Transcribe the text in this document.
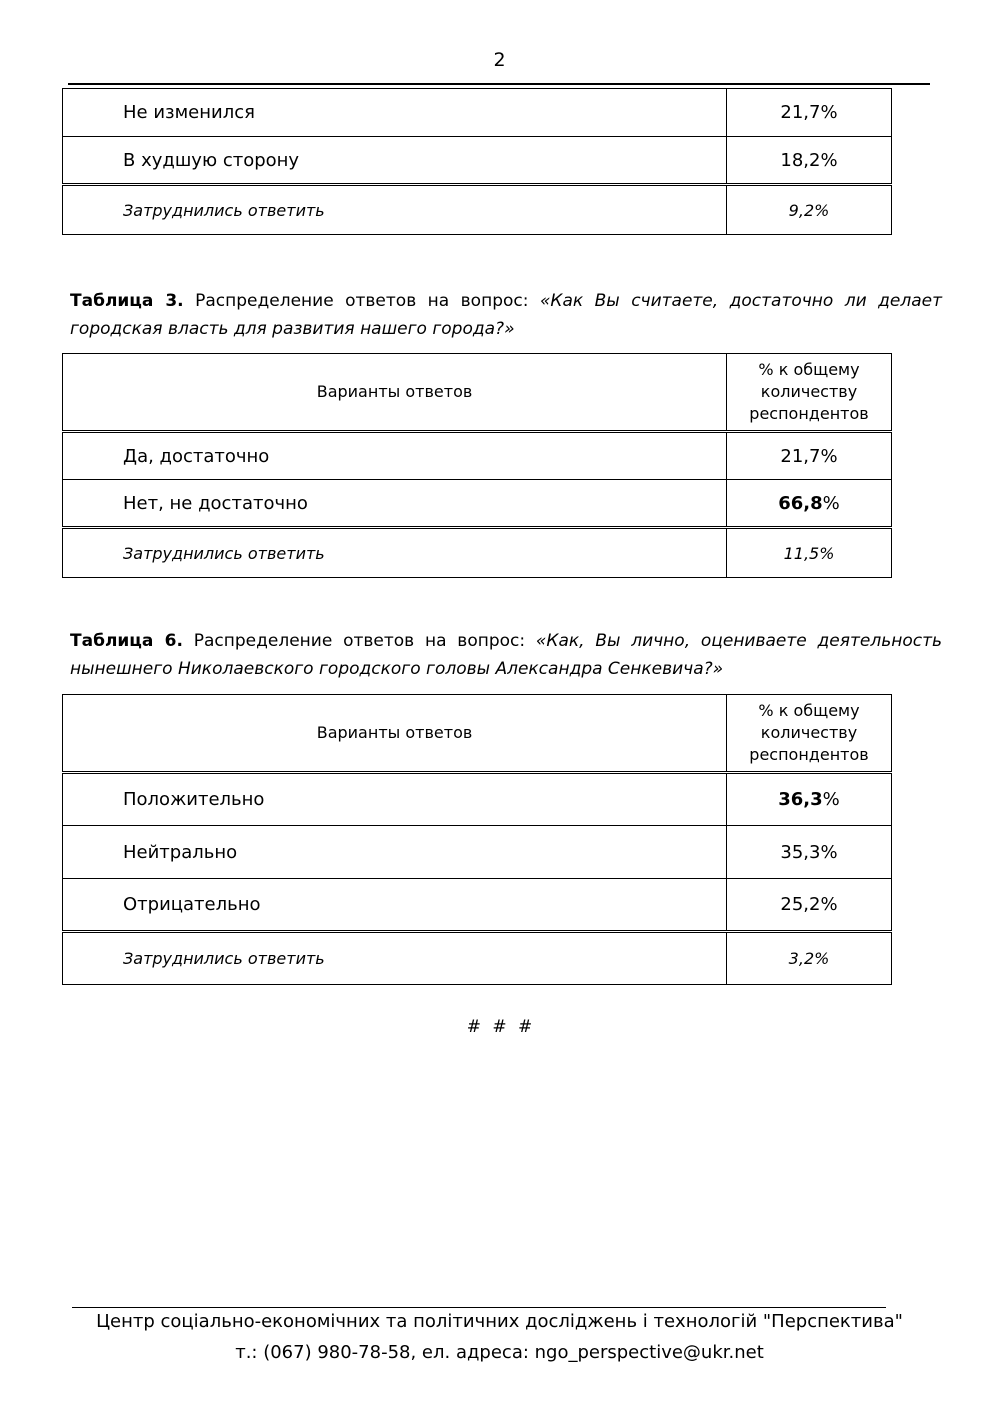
2
Не изменился	21,7%
В худшую сторону	18,2%
Затруднились ответить	9,2%
Таблица 3. Распределение ответов на вопрос: «Как Вы считаете, достаточно ли делает городская власть для развития нашего города?»
Варианты ответов	% к общему количеству респондентов
Да, достаточно	21,7%
Нет, не достаточно	66,8%
Затруднились ответить	11,5%
Таблица 6. Распределение ответов на вопрос: «Как, Вы лично, оцениваете деятельность нынешнего Николаевского городского головы Александра Сенкевича?»
Варианты ответов	% к общему количеству респондентов
Положительно	36,3%
Нейтрально	35,3%
Отрицательно	25,2%
Затруднились ответить	3,2%
# # #
Центр соціально-економічних та політичних досліджень і технологій "Перспектива"
т.: (067) 980-78-58, ел. адреса: ngo_perspective@ukr.net
